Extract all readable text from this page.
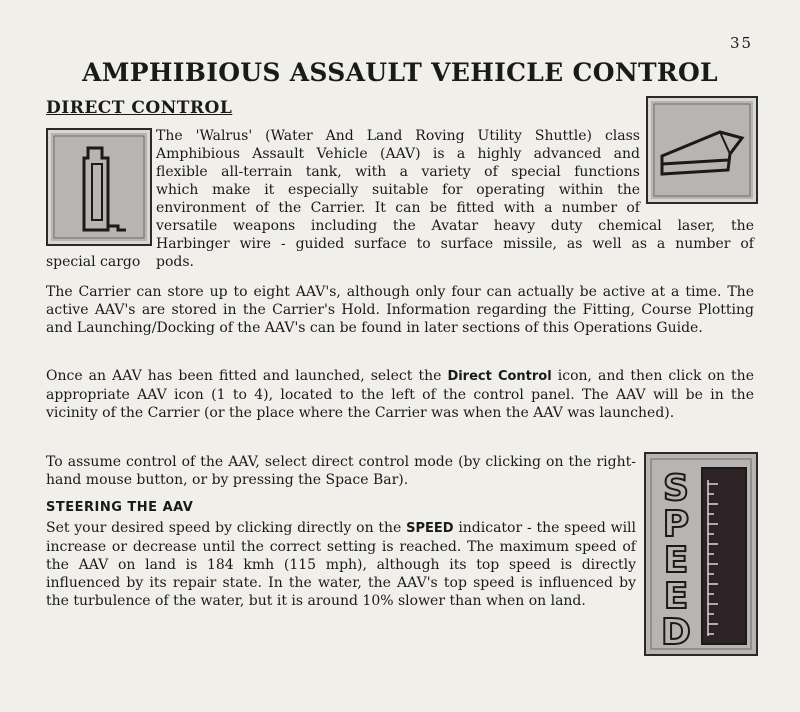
35
AMPHIBIOUS ASSAULT VEHICLE CONTROL
DIRECT CONTROL
The 'Walrus' (Water And Land Roving Utility Shuttle) class
Amphibious Assault Vehicle (AAV) is a highly advanced and
flexible all-terrain tank, with a variety of special functions
which make it especially suitable for operating within the
environment of the Carrier. It can be fitted with a number of
versatile weapons including the Avatar heavy duty chemical laser, the
Harbinger wire - guided surface to surface missile, as well as a number of
special cargo	pods.

The Carrier can store up to eight AAV's, although only four can actually be active at a time. The active AAV's are stored in the Carrier's Hold. Information regarding the Fitting, Course Plotting and Launching/Docking of the AAV's can be found in later sections of this Operations Guide.

Once an AAV has been fitted and launched, select the Direct Control icon, and then click on the appropriate AAV icon (1 to 4), located to the left of the control panel. The AAV will be in the vicinity of the Carrier (or the place where the Carrier was when the AAV was launched).

To assume control of the AAV, select direct control mode (by clicking on the right-hand mouse button, or by pressing the Space Bar).

STEERING THE AAV

Set your desired speed by clicking directly on the SPEED indicator - the speed will increase or decrease until the correct setting is reached. The maximum speed of the AAV on land is 184 kmh (115 mph), although its top speed is directly influenced by its repair state. In the water, the AAV's top speed is influenced by the turbulence of the water, but it is around 10% slower than when on land.

S
P
E
E
D
